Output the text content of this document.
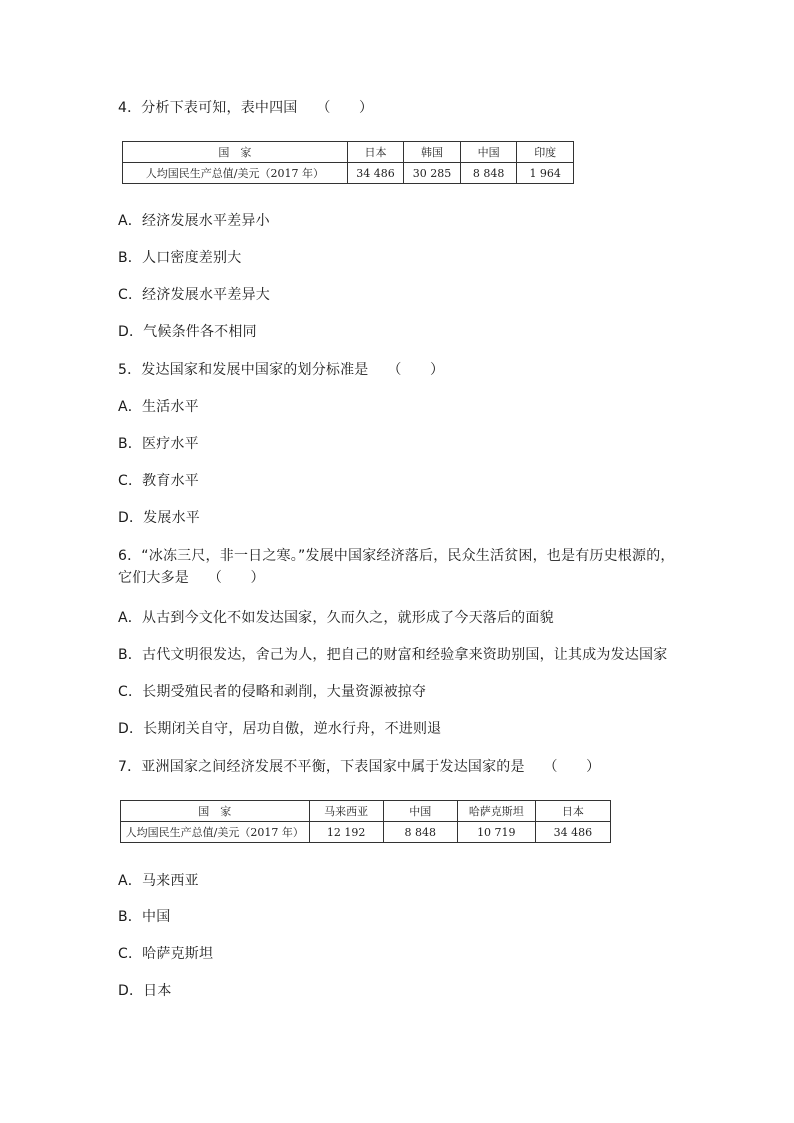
4．分析下表可知，表中四国　 （　　）
国　家	日本	韩国	中国	印度
人均国民生产总值/美元（2017 年）	34 486	30 285	8 848	1 964
A．经济发展水平差异小
B．人口密度差别大
C．经济发展水平差异大
D．气候条件各不相同
5．发达国家和发展中国家的划分标准是　 （　　）
A．生活水平
B．医疗水平
C．教育水平
D．发展水平
6．“冰冻三尺，非一日之寒。”发展中国家经济落后，民众生活贫困，也是有历史根源的，它们大多是　 （　　）
A．从古到今文化不如发达国家，久而久之，就形成了今天落后的面貌
B．古代文明很发达，舍己为人，把自己的财富和经验拿来资助别国，让其成为发达国家
C．长期受殖民者的侵略和剥削，大量资源被掠夺
D．长期闭关自守，居功自傲，逆水行舟，不进则退
7．亚洲国家之间经济发展不平衡，下表国家中属于发达国家的是　 （　　）
国　家	马来西亚	中国	哈萨克斯坦	日本
人均国民生产总值/美元（2017 年）	12 192	8 848	10 719	34 486
A．马来西亚
B．中国
C．哈萨克斯坦
D．日本
